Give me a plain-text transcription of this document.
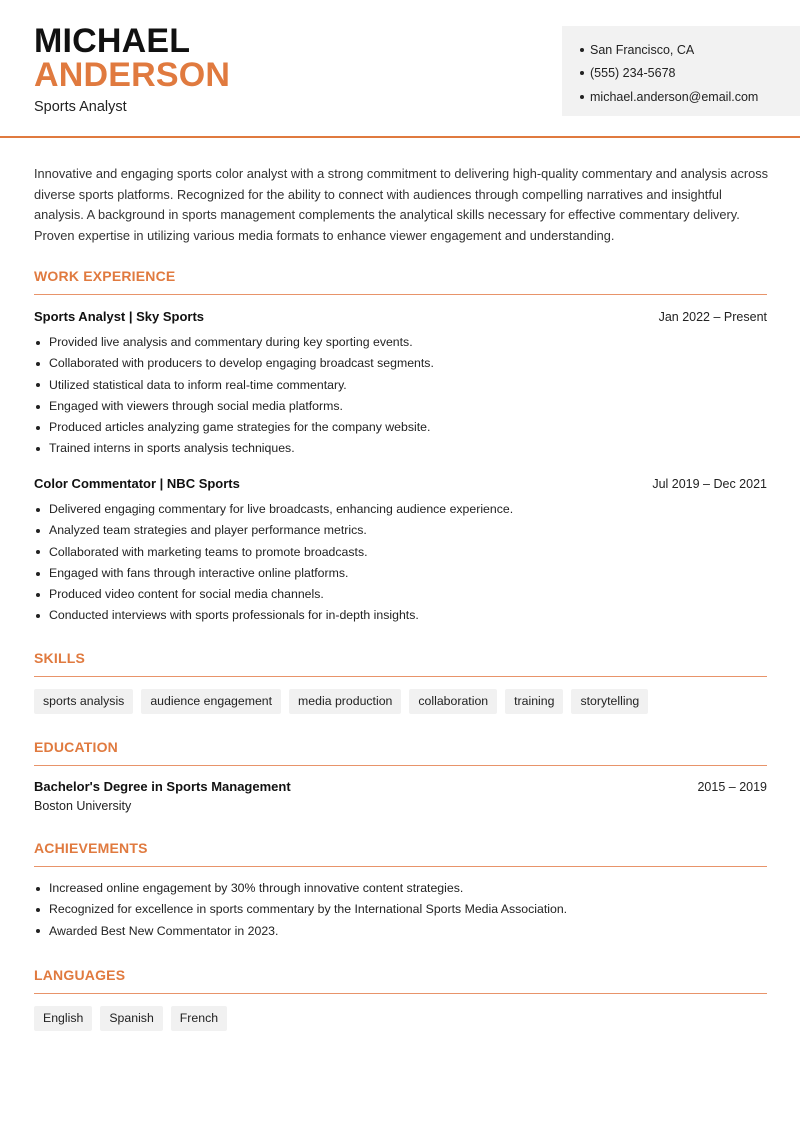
MICHAEL
ANDERSON
Sports Analyst
San Francisco, CA
(555) 234-5678
michael.anderson@email.com

Innovative and engaging sports color analyst with a strong commitment to delivering high-quality commentary and analysis across diverse sports platforms. Recognized for the ability to connect with audiences through compelling narratives and insightful analysis. A background in sports management complements the analytical skills necessary for effective commentary delivery. Proven expertise in utilizing various media formats to enhance viewer engagement and understanding.

WORK EXPERIENCE
Sports Analyst | Sky Sports	Jan 2022 – Present
Provided live analysis and commentary during key sporting events.
Collaborated with producers to develop engaging broadcast segments.
Utilized statistical data to inform real-time commentary.
Engaged with viewers through social media platforms.
Produced articles analyzing game strategies for the company website.
Trained interns in sports analysis techniques.
Color Commentator | NBC Sports	Jul 2019 – Dec 2021
Delivered engaging commentary for live broadcasts, enhancing audience experience.
Analyzed team strategies and player performance metrics.
Collaborated with marketing teams to promote broadcasts.
Engaged with fans through interactive online platforms.
Produced video content for social media channels.
Conducted interviews with sports professionals for in-depth insights.
SKILLS
sports analysis	audience engagement	media production	collaboration	training	storytelling
EDUCATION
Bachelor's Degree in Sports Management	2015 – 2019
Boston University
ACHIEVEMENTS
Increased online engagement by 30% through innovative content strategies.
Recognized for excellence in sports commentary by the International Sports Media Association.
Awarded Best New Commentator in 2023.
LANGUAGES
English	Spanish	French
